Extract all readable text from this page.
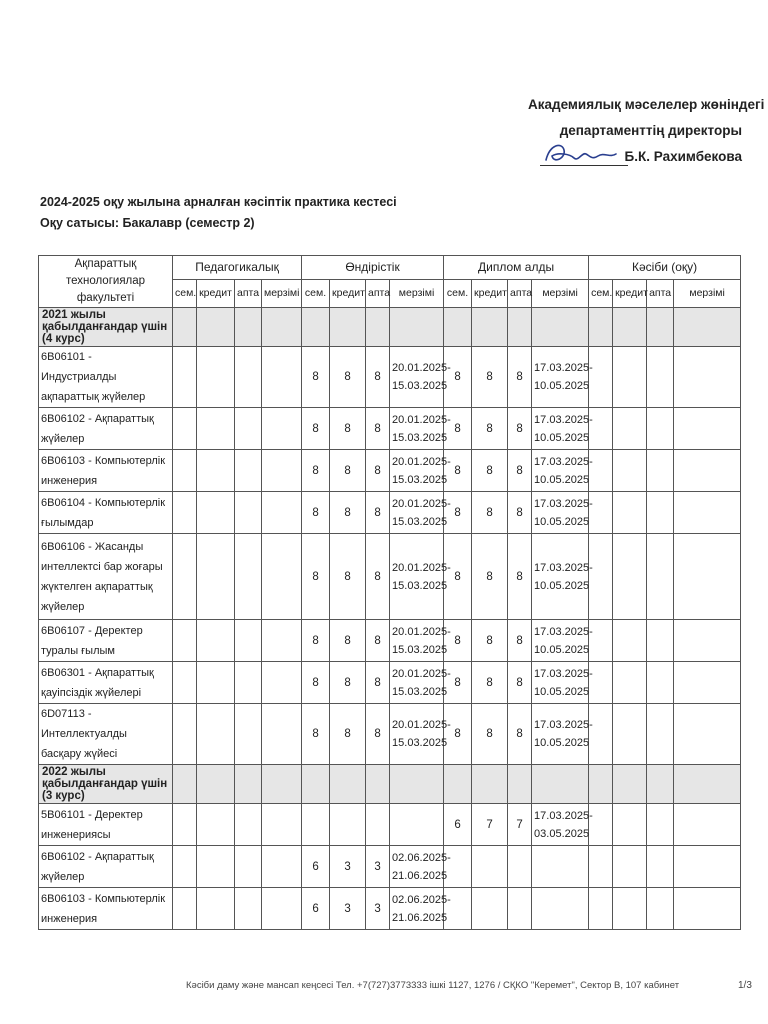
Академиялық мәселелер жөніндегі
департаменттің директоры
Б.К. Рахимбекова
2024-2025 оқу жылына арналған кәсіптік практика кестесі
Оқу сатысы: Бакалавр (семестр 2)
Ақпараттық технологиялар факультеті	Педагогикалық				Өндірістік				Диплом алды				Кәсіби (оқу)			
	сем.	кредит	апта	мерзімі	сем.	кредит	апта	мерзімі	сем.	кредит	апта	мерзімі	сем.	кредит	апта	мерзімі
2021 жылы қабылданғандар үшін (4 курс)																
6В06101 - Индустриалды ақпараттық жүйелер					8	8	8	20.01.2025- 15.03.2025	8	8	8	17.03.2025- 10.05.2025				
6В06102 - Ақпараттық жүйелер					8	8	8	20.01.2025- 15.03.2025	8	8	8	17.03.2025- 10.05.2025				
6В06103 - Компьютерлік инженерия					8	8	8	20.01.2025- 15.03.2025	8	8	8	17.03.2025- 10.05.2025				
6В06104 - Компьютерлік ғылымдар					8	8	8	20.01.2025- 15.03.2025	8	8	8	17.03.2025- 10.05.2025				
6В06106 - Жасанды интеллектсі бар жоғары жүктелген ақпараттық жүйелер					8	8	8	20.01.2025- 15.03.2025	8	8	8	17.03.2025- 10.05.2025				
6В06107 - Деректер туралы ғылым					8	8	8	20.01.2025- 15.03.2025	8	8	8	17.03.2025- 10.05.2025				
6В06301 - Ақпараттық қауіпсіздік жүйелері					8	8	8	20.01.2025- 15.03.2025	8	8	8	17.03.2025- 10.05.2025				
6D07113 - Интеллектуалды басқару жүйесі					8	8	8	20.01.2025- 15.03.2025	8	8	8	17.03.2025- 10.05.2025				
2022 жылы қабылданғандар үшін (3 курс)																
5В06101 - Деректер инженериясы									6	7	7	17.03.2025- 03.05.2025				
6В06102 - Ақпараттық жүйелер					6	3	3	02.06.2025- 21.06.2025								
6В06103 - Компьютерлік инженерия					6	3	3	02.06.2025- 21.06.2025								
Кәсіби даму және мансап кеңсесі Тел. +7(727)3773333 ішкі 1127, 1276 / СҚКО "Керемет", Сектор В, 107 кабинет	1/3
